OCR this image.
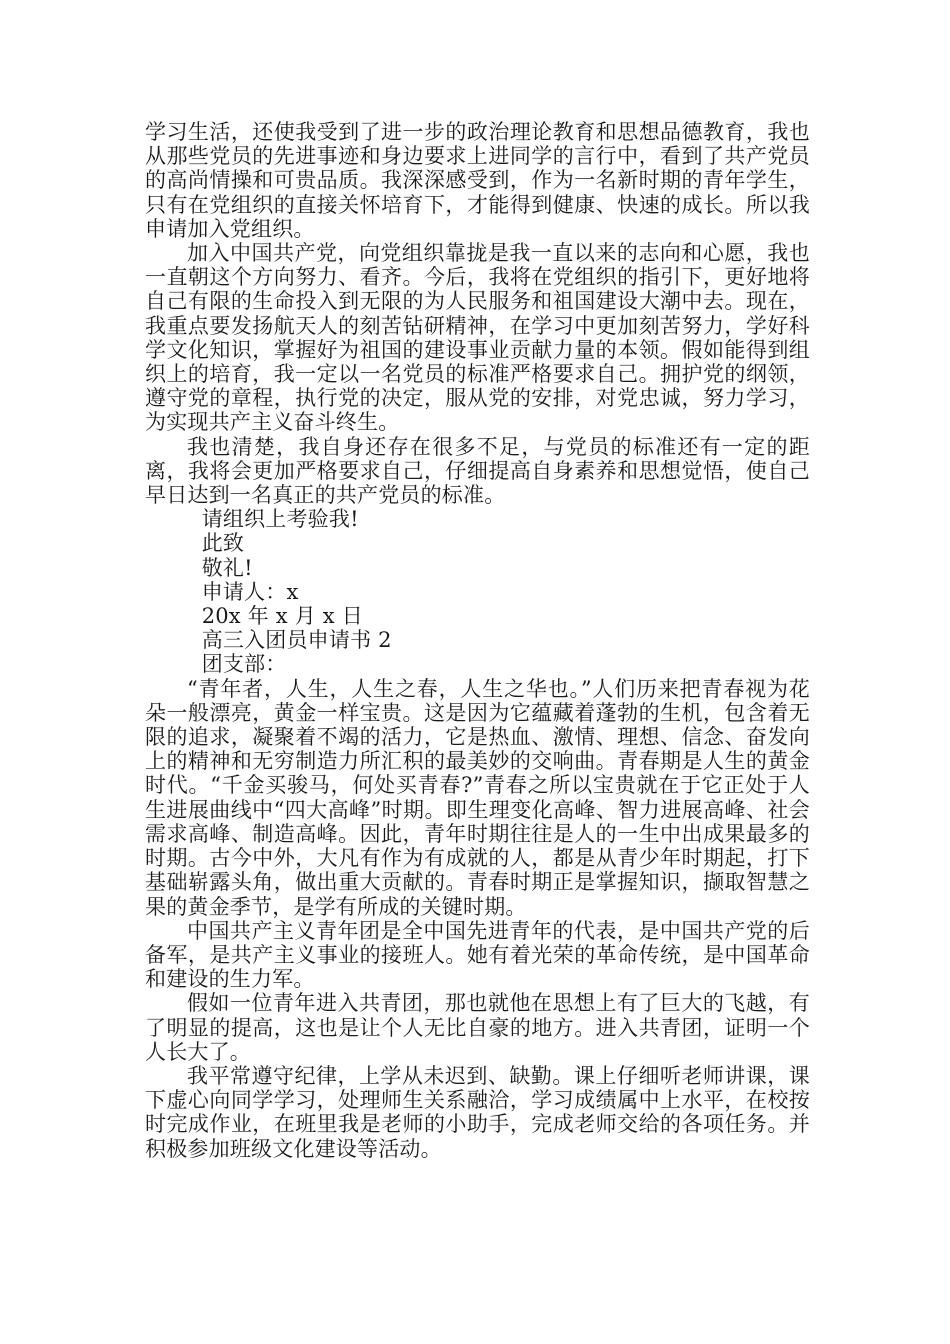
学习生活，还使我受到了进一步的政治理论教育和思想品德教育，我也从那些党员的先进事迹和身边要求上进同学的言行中，看到了共产党员的高尚情操和可贵品质。我深深感受到，作为一名新时期的青年学生，只有在党组织的直接关怀培育下，才能得到健康、快速的成长。所以我申请加入党组织。

加入中国共产党，向党组织靠拢是我一直以来的志向和心愿，我也一直朝这个方向努力、看齐。今后，我将在党组织的指引下，更好地将自己有限的生命投入到无限的为人民服务和祖国建设大潮中去。现在，我重点要发扬航天人的刻苦钻研精神，在学习中更加刻苦努力，学好科学文化知识，掌握好为祖国的建设事业贡献力量的本领。假如能得到组织上的培育，我一定以一名党员的标准严格要求自己。拥护党的纲领，遵守党的章程，执行党的决定，服从党的安排，对党忠诚，努力学习，为实现共产主义奋斗终生。

我也清楚，我自身还存在很多不足，与党员的标准还有一定的距离，我将会更加严格要求自己，仔细提高自身素养和思想觉悟，使自己早日达到一名真正的共产党员的标准。

请组织上考验我!

此致

敬礼!

申请人：x

20x 年 x 月 x 日

高三入团员申请书 2

团支部：

“青年者，人生，人生之春，人生之华也。”人们历来把青春视为花朵一般漂亮，黄金一样宝贵。这是因为它蕴藏着蓬勃的生机，包含着无限的追求，凝聚着不竭的活力，它是热血、激情、理想、信念、奋发向上的精神和无穷制造力所汇积的最美妙的交响曲。青春期是人生的黄金时代。“千金买骏马，何处买青春?”青春之所以宝贵就在于它正处于人生进展曲线中“四大高峰”时期。即生理变化高峰、智力进展高峰、社会需求高峰、制造高峰。因此，青年时期往往是人的一生中出成果最多的时期。古今中外，大凡有作为有成就的人，都是从青少年时期起，打下基础崭露头角，做出重大贡献的。青春时期正是掌握知识，撷取智慧之果的黄金季节，是学有所成的关键时期。

中国共产主义青年团是全中国先进青年的代表，是中国共产党的后备军，是共产主义事业的接班人。她有着光荣的革命传统，是中国革命和建设的生力军。

假如一位青年进入共青团，那也就他在思想上有了巨大的飞越，有了明显的提高，这也是让个人无比自豪的地方。进入共青团，证明一个人长大了。

我平常遵守纪律，上学从未迟到、缺勤。课上仔细听老师讲课，课下虚心向同学学习，处理师生关系融洽，学习成绩属中上水平，在校按时完成作业，在班里我是老师的小助手，完成老师交给的各项任务。并积极参加班级文化建设等活动。
